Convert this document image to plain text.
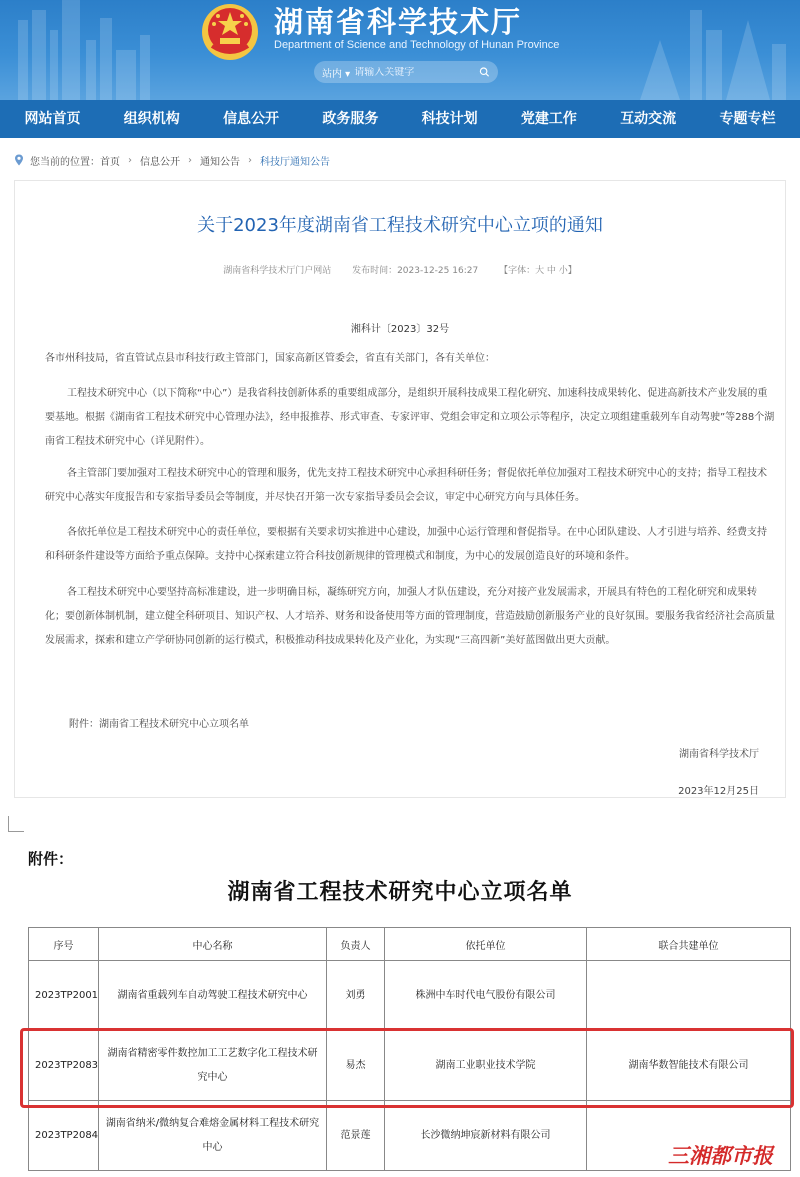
湖南省科学技术厅
Department of Science and Technology of Hunan Province
站内 ▾
请输入关键字
网站首页	组织机构	信息公开	政务服务	科技计划	党建工作	互动交流	专题专栏
您当前的位置： 首页 › 信息公开 › 通知公告 › 科技厅通知公告
关于2023年度湖南省工程技术研究中心立项的通知
湖南省科学技术厅门户网站 发布时间：2023-12-25 16:27 【字体：大 中 小】
湘科计〔2023〕32号
各市州科技局，省直管试点县市科技行政主管部门，国家高新区管委会，省直有关部门，各有关单位：

工程技术研究中心（以下简称“中心”）是我省科技创新体系的重要组成部分，是组织开展科技成果工程化研究、加速科技成果转化、促进高新技术产业发展的重要基地。根据《湖南省工程技术研究中心管理办法》，经申报推荐、形式审查、专家评审、党组会审定和立项公示等程序，决定立项组建重载列车自动驾驶”等288个湖南省工程技术研究中心（详见附件）。

各主管部门要加强对工程技术研究中心的管理和服务，优先支持工程技术研究中心承担科研任务；督促依托单位加强对工程技术研究中心的支持；指导工程技术研究中心落实年度报告和专家指导委员会等制度，并尽快召开第一次专家指导委员会会议，审定中心研究方向与具体任务。

各依托单位是工程技术研究中心的责任单位，要根据有关要求切实推进中心建设，加强中心运行管理和督促指导。在中心团队建设、人才引进与培养、经费支持和科研条件建设等方面给予重点保障。支持中心探索建立符合科技创新规律的管理模式和制度，为中心的发展创造良好的环境和条件。

各工程技术研究中心要坚持高标准建设，进一步明确目标，凝练研究方向，加强人才队伍建设，充分对接产业发展需求，开展具有特色的工程化研究和成果转化；要创新体制机制，建立健全科研项目、知识产权、人才培养、财务和设备使用等方面的管理制度，营造鼓励创新服务产业的良好氛围。要服务我省经济社会高质量发展需求，探索和建立产学研协同创新的运行模式，积极推动科技成果转化及产业化，为实现“三高四新”美好蓝图做出更大贡献。

附件：湖南省工程技术研究中心立项名单
湖南省科学技术厅
2023年12月25日
附件：
湖南省工程技术研究中心立项名单
序号	中心名称	负责人	依托单位	联合共建单位
2023TP2001	湖南省重载列车自动驾驶工程技术研究中心	刘勇	株洲中车时代电气股份有限公司	
2023TP2083	湖南省精密零件数控加工工艺数字化工程技术研究中心	易杰	湖南工业职业技术学院	湖南华数智能技术有限公司
2023TP2084	湖南省纳米/微纳复合难熔金属材料工程技术研究中心	范景莲	长沙微纳坤宸新材料有限公司	
三湘都市报
